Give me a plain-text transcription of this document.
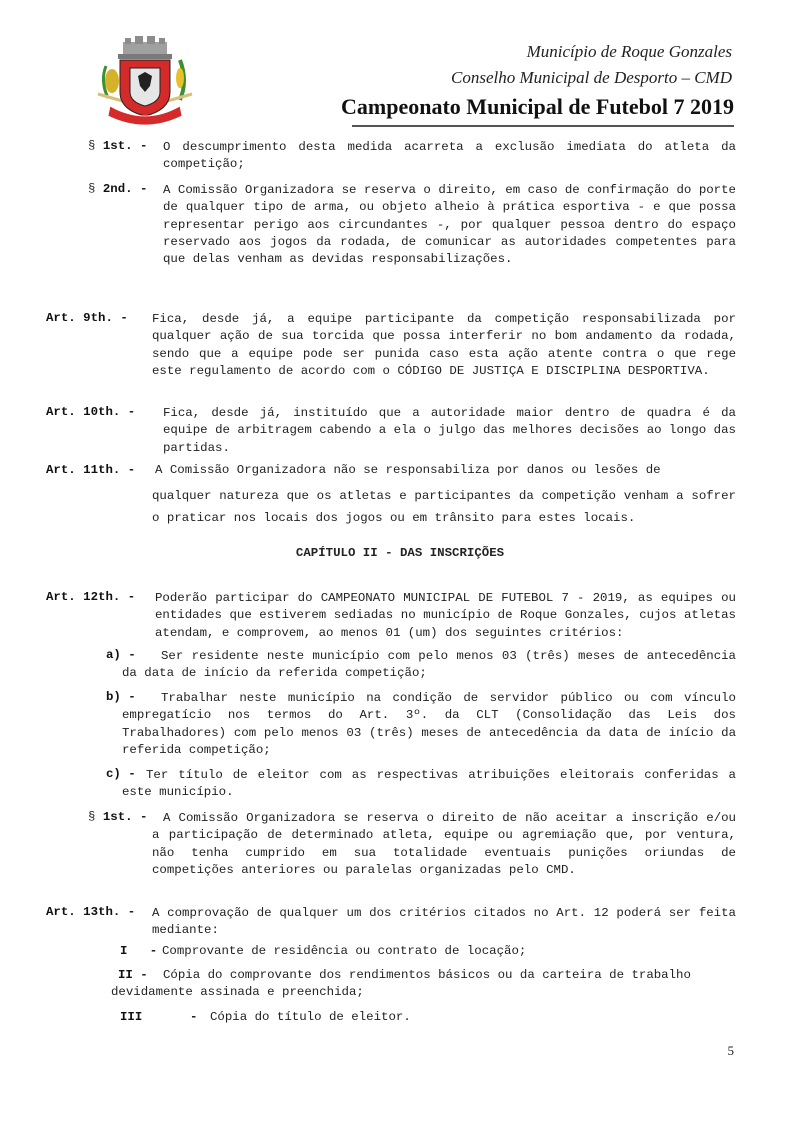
Município de Roque Gonzales
Conselho Municipal de Desporto – CMD
Campeonato Municipal de Futebol 7 2019
§ 1st. - O descumprimento desta medida acarreta a exclusão imediata do atleta da competição;
§ 2nd. - A Comissão Organizadora se reserva o direito, em caso de confirmação do porte de qualquer tipo de arma, ou objeto alheio à prática esportiva - e que possa representar perigo aos circundantes -, por qualquer pessoa dentro do espaço reservado aos jogos da rodada, de comunicar as autoridades competentes para que delas venham as devidas responsabilizações.
Art. 9th. - Fica, desde já, a equipe participante da competição responsabilizada por qualquer ação de sua torcida que possa interferir no bom andamento da rodada, sendo que a equipe pode ser punida caso esta ação atente contra o que rege este regulamento de acordo com o CÓDIGO DE JUSTIÇA E DISCIPLINA DESPORTIVA.
Art. 10th. - Fica, desde já, instituído que a autoridade maior dentro de quadra é da equipe de arbitragem cabendo a ela o julgo das melhores decisões ao longo das partidas.
Art. 11th. - A Comissão Organizadora não se responsabiliza por danos ou lesões de
qualquer natureza que os atletas e participantes da competição venham a sofrer o praticar nos locais dos jogos ou em trânsito para estes locais.
CAPÍTULO II - DAS INSCRIÇÕES
Art. 12th. - Poderão participar do CAMPEONATO MUNICIPAL DE FUTEBOL 7 - 2019, as equipes ou entidades que estiverem sediadas no município de Roque Gonzales, cujos atletas atendam, e comprovem, ao menos 01 (um) dos seguintes critérios:
a) -	Ser residente neste município com pelo menos 03 (três) meses de antecedência da data de início da referida competição;
b) -	Trabalhar neste município na condição de servidor público ou com vínculo empregatício nos termos do Art. 3º. da CLT (Consolidação das Leis dos Trabalhadores) com pelo menos 03 (três) meses de antecedência da data de início da referida competição;
c) - Ter título de eleitor com as respectivas atribuições eleitorais conferidas a este município.
§ 1st. - A Comissão Organizadora se reserva o direito de não aceitar a inscrição e/ou a participação de determinado atleta, equipe ou agremiação que, por ventura, não tenha cumprido em sua totalidade eventuais punições oriundas de competições anteriores ou paralelas organizadas pelo CMD.
Art. 13th. - A comprovação de qualquer um dos critérios citados no Art. 12 poderá ser feita mediante:
I   -
Comprovante de residência ou contrato de locação;
II - Cópia do comprovante dos rendimentos básicos ou da carteira de trabalho
devidamente assinada e preenchida;
III	- Cópia do título de eleitor.
5
